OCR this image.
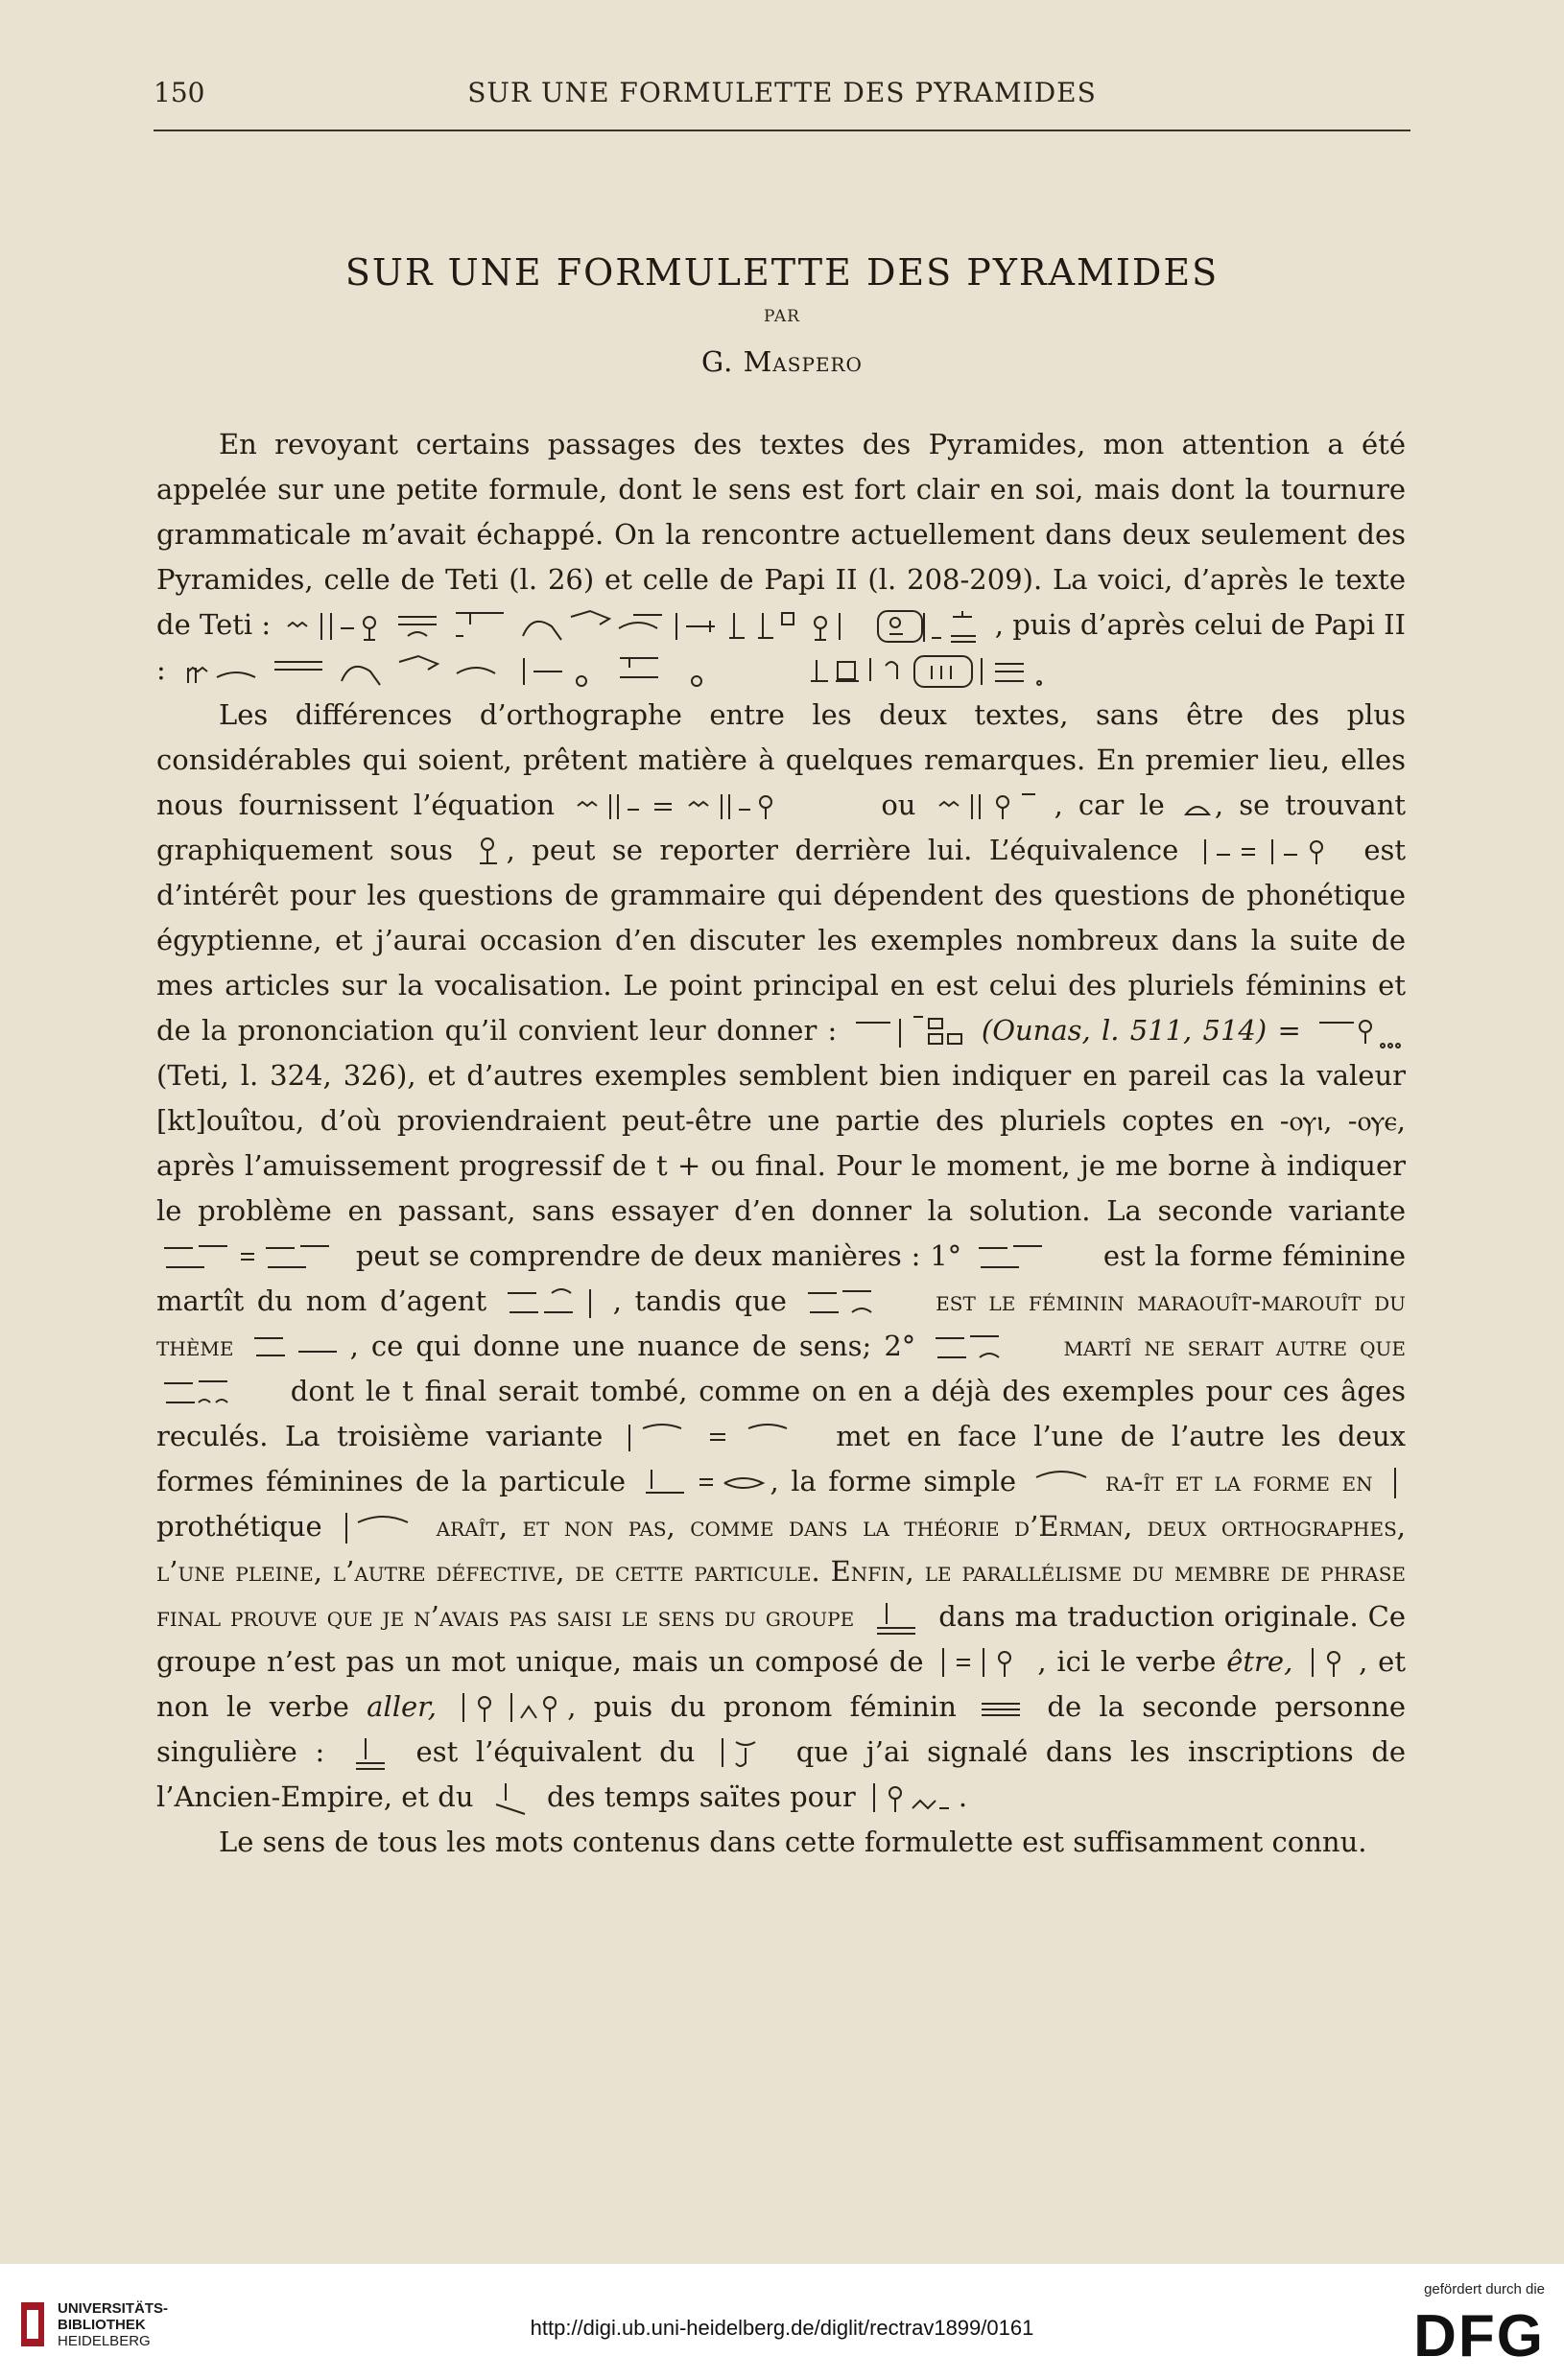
150	SUR UNE FORMULETTE DES PYRAMIDES
SUR UNE FORMULETTE DES PYRAMIDES
PAR
G. Maspero

En revoyant certains passages des textes des Pyramides, mon attention a été appelée sur une petite formule, dont le sens est fort clair en soi, mais dont la tournure grammaticale m’avait échappé. On la rencontre actuellement dans deux seulement des Pyramides, celle de Teti (l. 26) et celle de Papi II (l. 208-209). La voici, d’après le texte de Teti :
	, puis d’après celui de Papi II :

Les différences d’orthographe entre les deux textes, sans être des plus considérables qui soient, prêtent matière à quelques remarques. En premier lieu, elles nous fournissent l’équation	ou	, car le , se trouvant graphiquement sous , peut se reporter derrière lui. L’équivalence	est d’intérêt pour les questions de grammaire qui dépendent des questions de phonétique égyptienne, et j’aurai occasion d’en discuter les exemples nombreux dans la suite de mes articles sur la vocalisation. Le point principal en est celui des pluriels féminins et de la prononciation qu’il convient leur donner :	(Ounas, l. 511, 514) =
(Teti, l. 324, 326), et d’autres exemples semblent bien indiquer en pareil cas la valeur [kt]ouîtou, d’où proviendraient peut-être une partie des pluriels coptes en -ⲟⲩⲓ, -ⲟⲩⲉ, après l’amuissement progressif de t + ou final. Pour le moment, je me borne à indiquer le problème en passant, sans essayer d’en donner la solution. La seconde variante
peut se comprendre de deux manières : 1°	est la forme féminine martît du nom d’agent	, tandis que	est le féminin maraouît-marouît du thème	, ce qui donne une nuance de sens; 2°	martî ne serait autre que
dont le t final serait tombé, comme on en a déjà des exemples pour ces âges reculés. La troisième variante	met en face l’une de l’autre les deux formes féminines de la particule	, la forme simple	ra-ît et la forme en
prothétique	araît, et non pas, comme dans la théorie d’Erman, deux orthographes, l’une pleine, l’autre défective, de cette particule. Enfin, le parallélisme du membre de phrase final prouve que je n’avais pas saisi le sens du groupe	dans ma traduction originale. Ce groupe n’est pas un mot unique, mais un composé de	, ici le verbe être, , et non le verbe aller,	, puis du pronom féminin	de la seconde personne singulière :	est l’équivalent du	que j’ai signalé dans les inscriptions de l’Ancien-Empire, et du	des temps saïtes pour	.

Le sens de tous les mots contenus dans cette formulette est suffisamment connu.

UNIVERSITÄTS-
BIBLIOTHEK
HEIDELBERG
http://digi.ub.uni-heidelberg.de/diglit/rectrav1899/0161
gefördert durch die
DFG
